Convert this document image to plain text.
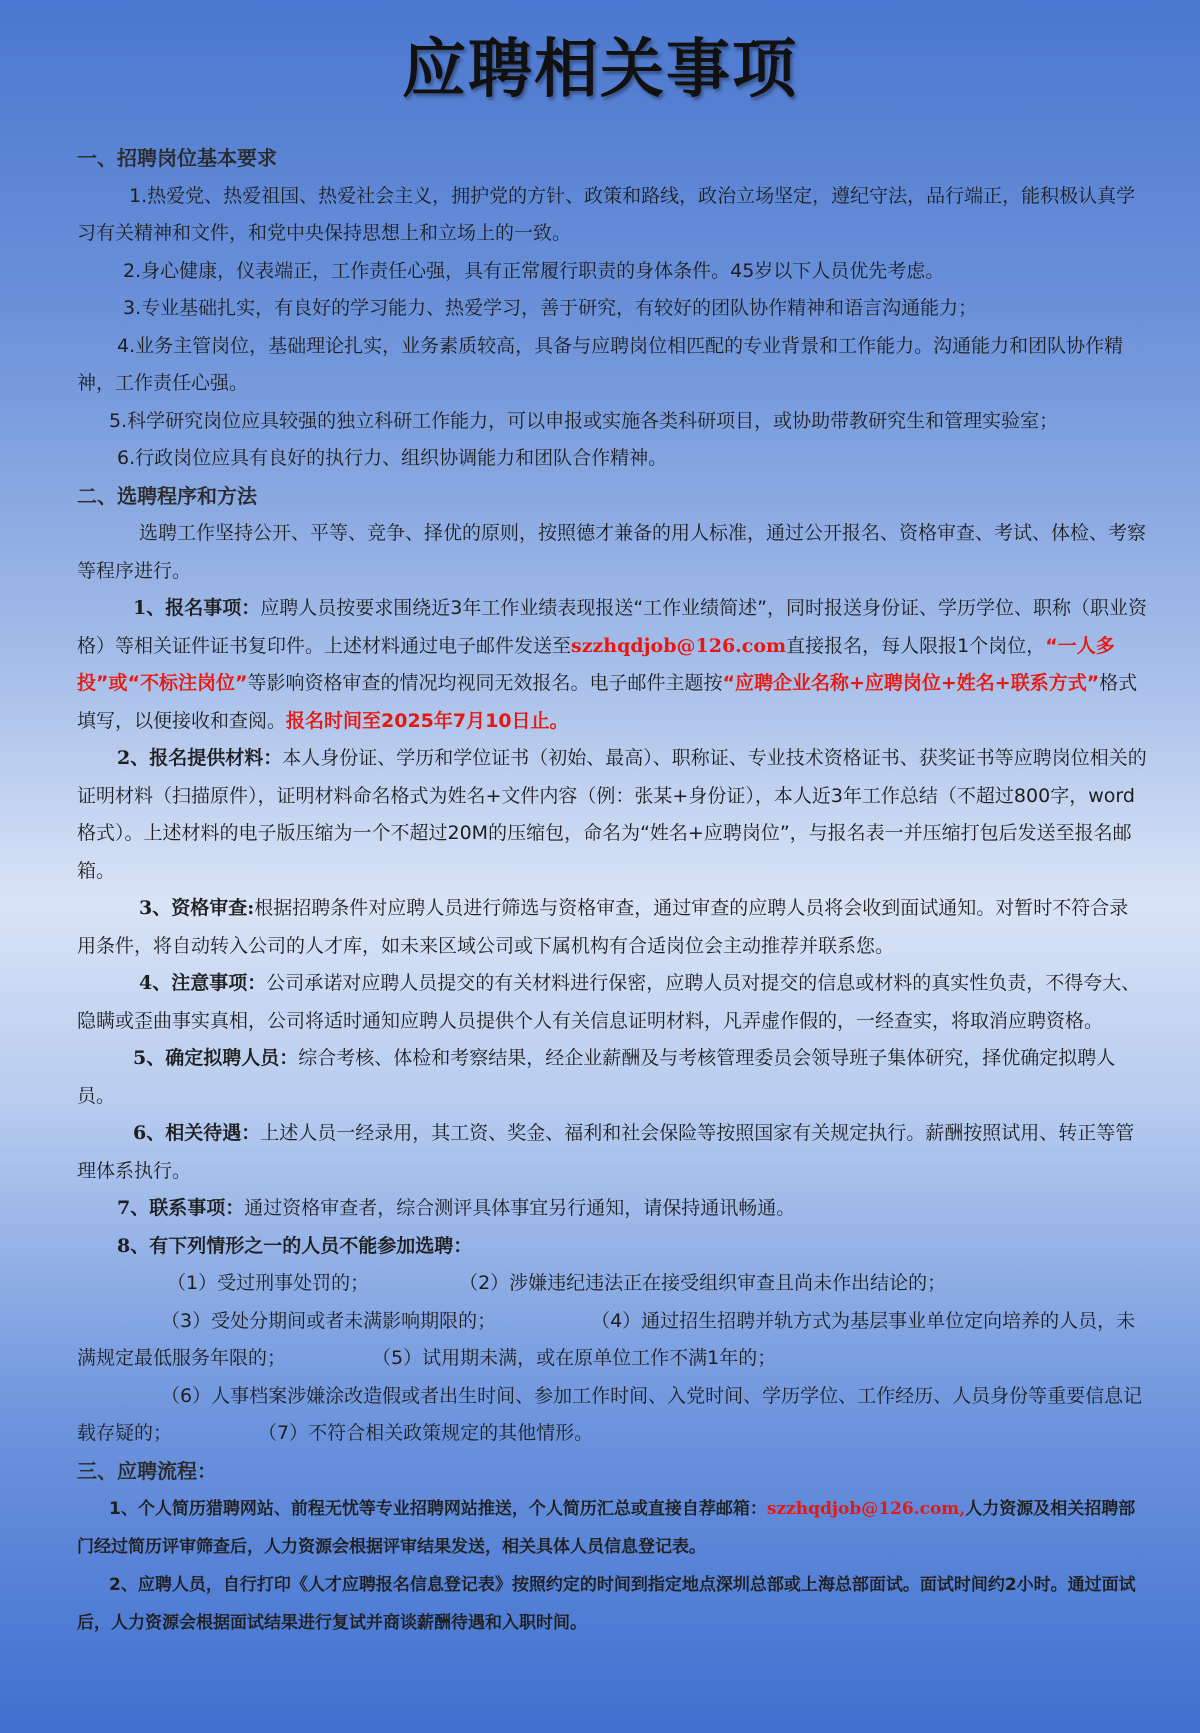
应聘相关事项

一、招聘岗位基本要求

1.热爱党、热爱祖国、热爱社会主义，拥护党的方针、政策和路线，政治立场坚定，遵纪守法，品行端正，能积极认真学习有关精神和文件，和党中央保持思想上和立场上的一致。

2.身心健康，仪表端正，工作责任心强，具有正常履行职责的身体条件。45岁以下人员优先考虑。

3.专业基础扎实，有良好的学习能力、热爱学习，善于研究，有较好的团队协作精神和语言沟通能力；

4.业务主管岗位，基础理论扎实，业务素质较高，具备与应聘岗位相匹配的专业背景和工作能力。沟通能力和团队协作精神，工作责任心强。

5.科学研究岗位应具较强的独立科研工作能力，可以申报或实施各类科研项目，或协助带教研究生和管理实验室；

6.行政岗位应具有良好的执行力、组织协调能力和团队合作精神。

二、选聘程序和方法

选聘工作坚持公开、平等、竞争、择优的原则，按照德才兼备的用人标准，通过公开报名、资格审查、考试、体检、考察等程序进行。

1、报名事项：应聘人员按要求围绕近3年工作业绩表现报送“工作业绩简述”，同时报送身份证、学历学位、职称（职业资格）等相关证件证书复印件。上述材料通过电子邮件发送至szzhqdjob@126.com直接报名，每人限报1个岗位，“一人多投”或“不标注岗位”等影响资格审查的情况均视同无效报名。电子邮件主题按“应聘企业名称+应聘岗位+姓名+联系方式”格式填写，以便接收和查阅。报名时间至2025年7月10日止。

2、报名提供材料：本人身份证、学历和学位证书（初始、最高）、职称证、专业技术资格证书、获奖证书等应聘岗位相关的证明材料（扫描原件），证明材料命名格式为姓名+文件内容（例：张某+身份证），本人近3年工作总结（不超过800字，word格式）。上述材料的电子版压缩为一个不超过20M的压缩包，命名为“姓名+应聘岗位”，与报名表一并压缩打包后发送至报名邮箱。

3、资格审查:根据招聘条件对应聘人员进行筛选与资格审查，通过审查的应聘人员将会收到面试通知。对暂时不符合录用条件，将自动转入公司的人才库，如未来区域公司或下属机构有合适岗位会主动推荐并联系您。

4、注意事项：公司承诺对应聘人员提交的有关材料进行保密，应聘人员对提交的信息或材料的真实性负责，不得夸大、隐瞒或歪曲事实真相，公司将适时通知应聘人员提供个人有关信息证明材料，凡弄虚作假的，一经查实，将取消应聘资格。

5、确定拟聘人员：综合考核、体检和考察结果，经企业薪酬及与考核管理委员会领导班子集体研究，择优确定拟聘人员。

6、相关待遇：上述人员一经录用，其工资、奖金、福利和社会保险等按照国家有关规定执行。薪酬按照试用、转正等管理体系执行。

7、联系事项：通过资格审查者，综合测评具体事宜另行通知，请保持通讯畅通。

8、有下列情形之一的人员不能参加选聘：

（1）受过刑事处罚的；	（2）涉嫌违纪违法正在接受组织审查且尚未作出结论的；

（3）受处分期间或者未满影响期限的；	（4）通过招生招聘并轨方式为基层事业单位定向培养的人员，未满规定最低服务年限的；	（5）试用期未满，或在原单位工作不满1年的；

（6）人事档案涉嫌涂改造假或者出生时间、参加工作时间、入党时间、学历学位、工作经历、人员身份等重要信息记载存疑的；	（7）不符合相关政策规定的其他情形。

三、应聘流程：

1、个人简历猎聘网站、前程无忧等专业招聘网站推送，个人简历汇总或直接自荐邮箱：szzhqdjob@126.com,人力资源及相关招聘部门经过简历评审筛查后，人力资源会根据评审结果发送，相关具体人员信息登记表。

2、应聘人员，自行打印《人才应聘报名信息登记表》按照约定的时间到指定地点深圳总部或上海总部面试。面试时间约2小时。通过面试后，人力资源会根据面试结果进行复试并商谈薪酬待遇和入职时间。
